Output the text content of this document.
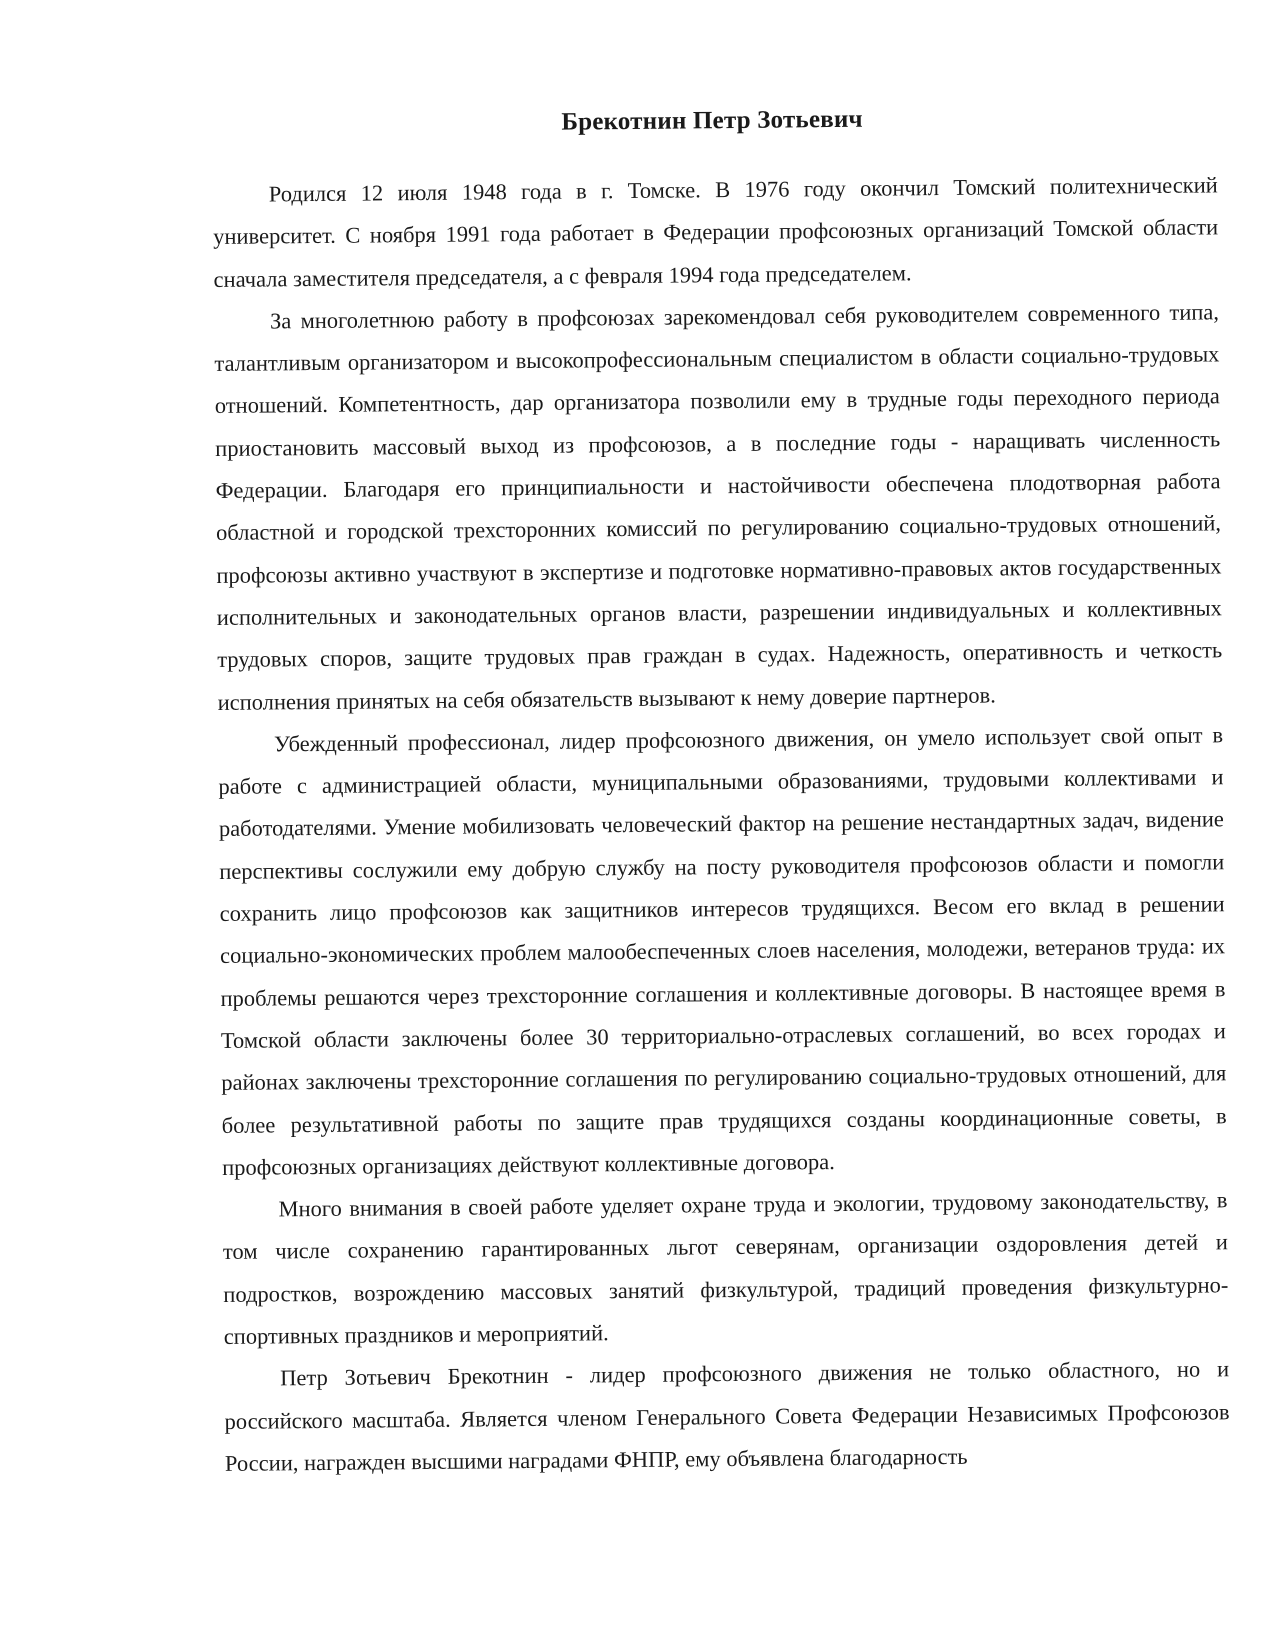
Брекотнин Петр Зотьевич

Родился 12 июля 1948 года в г. Томске. В 1976 году окончил Томский политехнический университет. С ноября 1991 года работает в Федерации профсоюзных организаций Томской области сначала заместителя председателя, а с февраля 1994 года председателем.

За многолетнюю работу в профсоюзах зарекомендовал себя руководителем современного типа, талантливым организатором и высокопрофессиональным специалистом в области социально-трудовых отношений. Компетентность, дар организатора позволили ему в трудные годы переходного периода приостановить массовый выход из профсоюзов, а в последние годы - наращивать численность Федерации. Благодаря его принципиальности и настойчивости обеспечена плодотворная работа областной и городской трехсторонних комиссий по регулированию социально-трудовых отношений, профсоюзы активно участвуют в экспертизе и подготовке нормативно-правовых актов государственных исполнительных и законодательных органов власти, разрешении индивидуальных и коллективных трудовых споров, защите трудовых прав граждан в судах. Надежность, оперативность и четкость исполнения принятых на себя обязательств вызывают к нему доверие партнеров.

Убежденный профессионал, лидер профсоюзного движения, он умело использует свой опыт в работе с администрацией области, муниципальными образованиями, трудовыми коллективами и работодателями. Умение мобилизовать человеческий фактор на решение нестандартных задач, видение перспективы сослужили ему добрую службу на посту руководителя профсоюзов области и помогли сохранить лицо профсоюзов как защитников интересов трудящихся. Весом его вклад в решении социально-экономических проблем малообеспеченных слоев населения, молодежи, ветеранов труда: их проблемы решаются через трехсторонние соглашения и коллективные договоры. В настоящее время в Томской области заключены более 30 территориально-отраслевых соглашений, во всех городах и районах заключены трехсторонние соглашения по регулированию социально-трудовых отношений, для более результативной работы по защите прав трудящихся созданы координационные советы, в профсоюзных организациях действуют коллективные договора.

Много внимания в своей работе уделяет охране труда и экологии, трудовому законодательству, в том числе сохранению гарантированных льгот северянам, организации оздоровления детей и подростков, возрождению массовых занятий физкультурой, традиций проведения физкультурно-спортивных праздников и мероприятий.

Петр Зотьевич Брекотнин - лидер профсоюзного движения не только областного, но и российского масштаба. Является членом Генерального Совета Федерации Независимых Профсоюзов России, награжден высшими наградами ФНПР, ему объявлена благодарность
